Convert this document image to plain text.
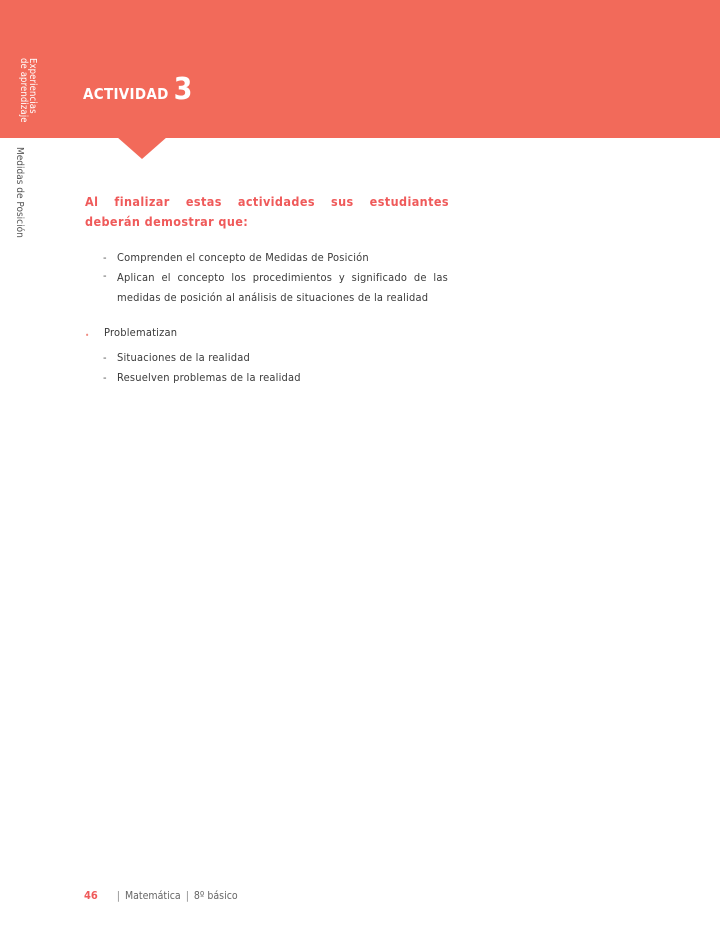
Experiencias
de aprendizaje
Medidas de Posición
ACTIVIDAD 3
Al finalizar estas actividades sus estudiantes deberán demostrar que:
- Comprenden el concepto de Medidas de Posición
- Aplican el concepto los procedimientos y significado de las medidas de posición al análisis de situaciones de la realidad
• Problematizan
- Situaciones de la realidad
- Resuelven problemas de la realidad
46 | Matemática | 8º básico
